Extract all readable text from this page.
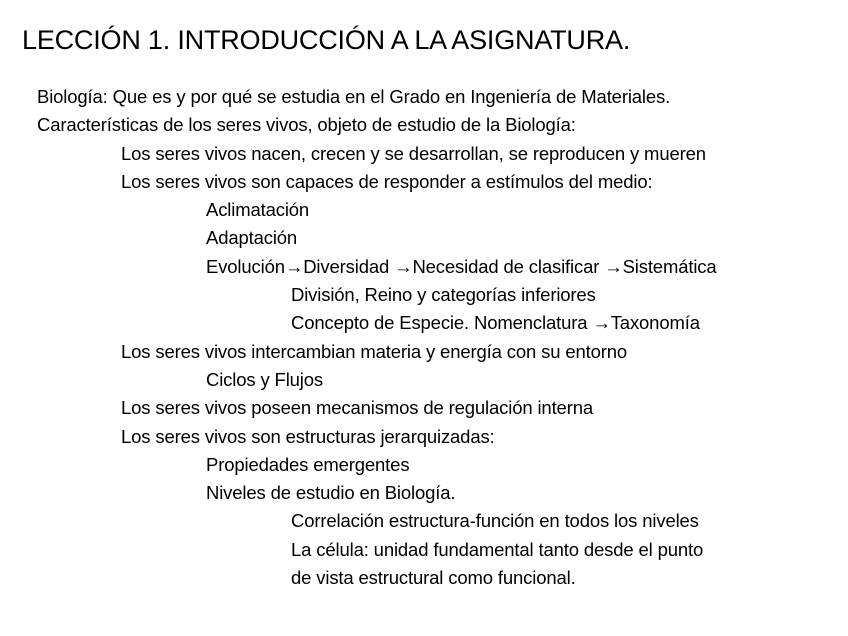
LECCIÓN 1. INTRODUCCIÓN A LA ASIGNATURA.
Biología: Que es y por qué se estudia en el Grado en Ingeniería de Materiales.
Características de los seres vivos, objeto de estudio de la Biología:
Los seres vivos nacen, crecen y se desarrollan, se reproducen y mueren
Los seres vivos son capaces de responder a estímulos del medio:
Aclimatación
Adaptación
Evolución→Diversidad →Necesidad de clasificar →Sistemática
División, Reino y categorías inferiores
Concepto de Especie. Nomenclatura →Taxonomía
Los seres vivos intercambian materia y energía con su entorno
Ciclos y Flujos
Los seres vivos poseen mecanismos de regulación interna
Los seres vivos son estructuras jerarquizadas:
Propiedades emergentes
Niveles de estudio en Biología.
Correlación estructura-función en todos los niveles
La célula: unidad fundamental tanto desde el punto
de vista estructural como funcional.
